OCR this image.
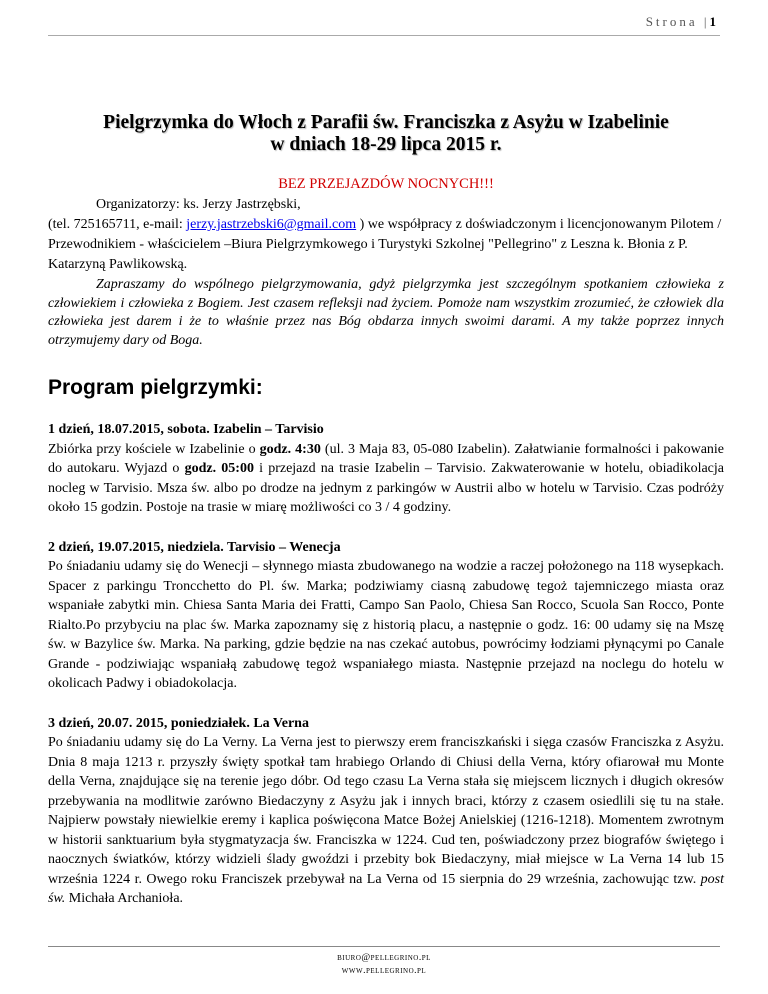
Strona |1
Pielgrzymka do Włoch z Parafii św. Franciszka z Asyżu w Izabelinie
w dniach 18-29 lipca 2015 r.
BEZ PRZEJAZDÓW NOCNYCH!!!
Organizatorzy: ks. Jerzy Jastrzębski,
(tel. 725165711, e-mail: jerzy.jastrzebski6@gmail.com ) we współpracy z doświadczonym i licencjonowanym Pilotem / Przewodnikiem - właścicielem –Biura Pielgrzymkowego i Turystyki Szkolnej "Pellegrino" z Leszna k. Błonia z P. Katarzyną Pawlikowską.
Zapraszamy do wspólnego pielgrzymowania, gdyż pielgrzymka jest szczególnym spotkaniem człowieka z człowiekiem i człowieka z Bogiem. Jest czasem refleksji nad życiem. Pomoże nam wszystkim zrozumieć, że człowiek dla człowieka jest darem i że to właśnie przez nas Bóg obdarza innych swoimi darami. A my także poprzez innych otrzymujemy dary od Boga.
Program pielgrzymki:
1 dzień, 18.07.2015, sobota. Izabelin – Tarvisio
Zbiórka przy kościele w Izabelinie o godz. 4:30 (ul. 3 Maja 83, 05-080 Izabelin). Załatwianie formalności i pakowanie do autokaru. Wyjazd o godz. 05:00 i przejazd na trasie Izabelin – Tarvisio. Zakwaterowanie w hotelu, obiadikolacja nocleg w Tarvisio. Msza św. albo po drodze na jednym z parkingów w Austrii albo w hotelu w Tarvisio. Czas podróży około 15 godzin. Postoje na trasie w miarę możliwości co 3 / 4 godziny.
2 dzień, 19.07.2015, niedziela. Tarvisio – Wenecja
Po śniadaniu udamy się do Wenecji – słynnego miasta zbudowanego na wodzie a raczej położonego na 118 wysepkach. Spacer z parkingu Troncchetto do Pl. św. Marka; podziwiamy ciasną zabudowę tegoż tajemniczego miasta oraz wspaniałe zabytki min. Chiesa Santa Maria dei Fratti, Campo San Paolo, Chiesa San Rocco, Scuola San Rocco, Ponte Rialto.Po przybyciu na plac św. Marka zapoznamy się z historią placu, a następnie o godz. 16: 00 udamy się na Mszę św. w Bazylice św. Marka. Na parking, gdzie będzie na nas czekać autobus, powrócimy łodziami płynącymi po Canale Grande - podziwiając wspaniałą zabudowę tegoż wspaniałego miasta. Następnie przejazd na noclegu do hotelu w okolicach Padwy i obiadokolacja.
3 dzień, 20.07. 2015, poniedziałek. La Verna
Po śniadaniu udamy się do La Verny. La Verna jest to pierwszy erem franciszkański i sięga czasów Franciszka z Asyżu. Dnia 8 maja 1213 r. przyszły święty spotkał tam hrabiego Orlando di Chiusi della Verna, który ofiarował mu Monte della Verna, znajdujące się na terenie jego dóbr. Od tego czasu La Verna stała się miejscem licznych i długich okresów przebywania na modlitwie zarówno Biedaczyny z Asyżu jak i innych braci, którzy z czasem osiedlili się tu na stałe. Najpierw powstały niewielkie eremy i kaplica poświęcona Matce Bożej Anielskiej (1216-1218). Momentem zwrotnym w historii sanktuarium była stygmatyzacja św. Franciszka w 1224. Cud ten, poświadczony przez biografów świętego i naocznych światków, którzy widzieli ślady gwoździ i przebity bok Biedaczyny, miał miejsce w La Verna 14 lub 15 września 1224 r. Owego roku Franciszek przebywał na La Verna od 15 sierpnia do 29 września, zachowując tzw. post św. Michała Archanioła.
biuro@pellegrino.pl
www.pellegrino.pl
